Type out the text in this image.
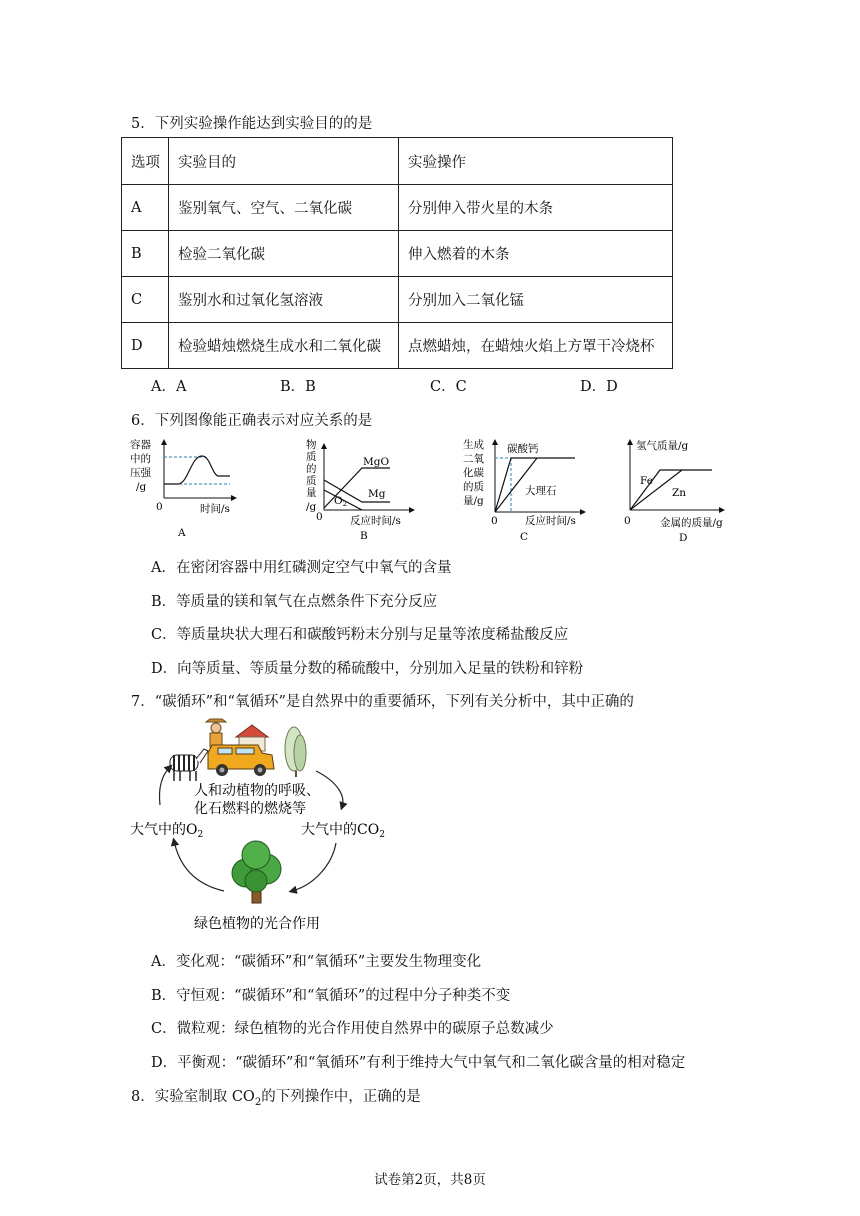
5．下列实验操作能达到实验目的的是
选项	实验目的	实验操作
A	鉴别氧气、空气、二氧化碳	分别伸入带火星的木条
B	检验二氧化碳	伸入燃着的木条
C	鉴别水和过氧化氢溶液	分别加入二氧化锰
D	检验蜡烛燃烧生成水和二氧化碳	点燃蜡烛，在蜡烛火焰上方罩干冷烧杯
A．A	B．B	C．C	D．D
6．下列图像能正确表示对应关系的是
容器
中的
压强
/g
0	时间/s
A
物
质
的
质
量
/g
MgO
Mg
O2
0	反应时间/s
B
生成
二氧
化碳
的质
量/g
碳酸钙
大理石
0	反应时间/s
C
氢气质量/g
Fe
Zn
0	金属的质量/g
D
A．在密闭容器中用红磷测定空气中氧气的含量
B．等质量的镁和氧气在点燃条件下充分反应
C．等质量块状大理石和碳酸钙粉末分别与足量等浓度稀盐酸反应
D．向等质量、等质量分数的稀硫酸中，分别加入足量的铁粉和锌粉
7．“碳循环”和“氧循环”是自然界中的重要循环，下列有关分析中，其中正确的
人和动植物的呼吸、
化石燃料的燃烧等
大气中的$O_2$	大气中的$CO_2$
绿色植物的光合作用
A．变化观：“碳循环”和“氧循环”主要发生物理变化
B．守恒观：“碳循环”和“氧循环”的过程中分子种类不变
C．微粒观：绿色植物的光合作用使自然界中的碳原子总数减少
D．平衡观：“碳循环”和“氧循环”有利于维持大气中氧气和二氧化碳含量的相对稳定
8．实验室制取 $CO_2$的下列操作中，正确的是
试卷第2页，共8页
